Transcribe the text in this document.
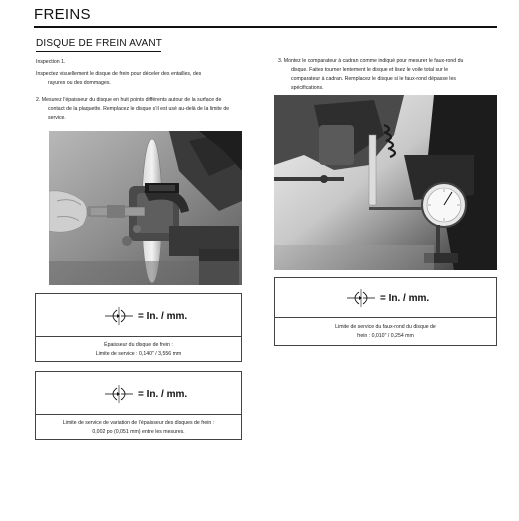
FREINS
DISQUE DE FREIN AVANT
Inspection 1.
Inspectez visuellement le disque de frein pour déceler des entailles, des
rayures ou des dommages.
2. Mesurez l’épaisseur du disque en huit points différents autour de la surface de
contact de la plaquette. Remplacez le disque s’il est usé au-delà de la limite de
service.
3. Montez le comparateur à cadran comme indiqué pour mesurer le faux-rond du
disque. Faites tourner lentement le disque et lisez le voile total sur le
comparateur à cadran. Remplacez le disque si le faux-rond dépasse les
spécifications.
= In. / mm.
Épaisseur du disque de frein :
Limite de service : 0,140" / 3,556 mm
= In. / mm.
Limite de service de variation de l’épaisseur des disques de frein :
0,002 po (0,051 mm) entre les mesures.
= In. / mm.
Limite de service du faux-rond du disque de
frein : 0,010" / 0,254 mm
